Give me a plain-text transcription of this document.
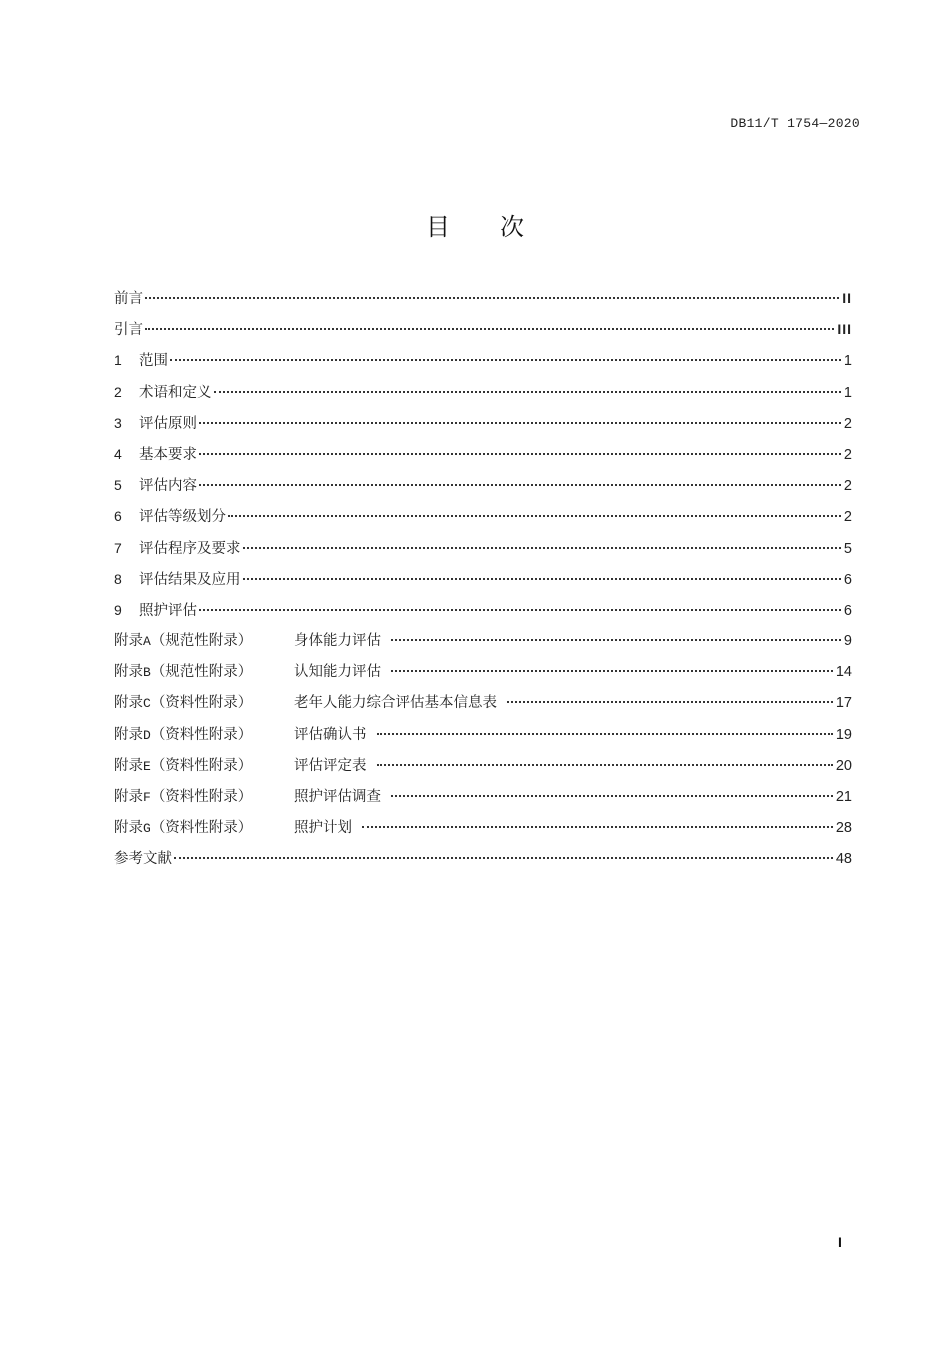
DB11/T 1754—2020
目 次
前言	II
引言	III
1	范围	1
2	术语和定义	1
3	评估原则	2
4	基本要求	2
5	评估内容	2
6	评估等级划分	2
7	评估程序及要求	5
8	评估结果及应用	6
9	照护评估	6
附录A（规范性附录）	身体能力评估	9
附录B（规范性附录）	认知能力评估	14
附录C（资料性附录）	老年人能力综合评估基本信息表	17
附录D（资料性附录）	评估确认书	19
附录E（资料性附录）	评估评定表	20
附录F（资料性附录）	照护评估调查	21
附录G（资料性附录）	照护计划	28
参考文献	48
I
